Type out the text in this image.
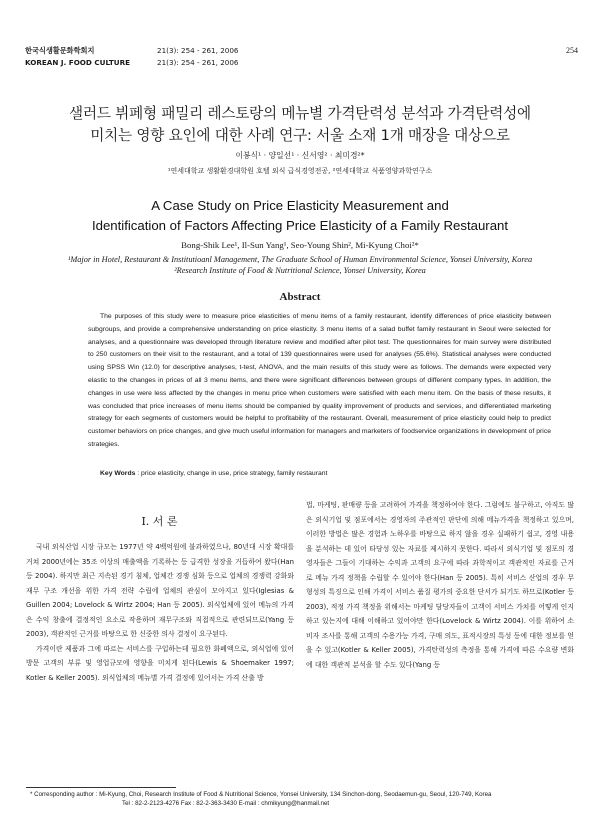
한국식생활문화학회지	21(3): 254 - 261, 2006
KOREAN J. FOOD CULTURE	21(3): 254 - 261, 2006
254
샐러드 뷔페형 패밀리 레스토랑의 메뉴별 가격탄력성 분석과 가격탄력성에
미치는 영향 요인에 대한 사례 연구: 서울 소재 1개 매장을 대상으로
이봉식¹ · 양일선¹ · 신서영² · 최미경²*
¹연세대학교 생활환경대학원 호텔 외식 급식경영전공, ²연세대학교 식품영양과학연구소
A Case Study on Price Elasticity Measurement and
Identification of Factors Affecting Price Elasticity of a Family Restaurant
Bong-Shik Lee¹, Il-Sun Yang¹, Seo-Young Shin², Mi-Kyung Choi²*
¹Major in Hotel, Restaurant & Institutioanl Management, The Graduate School of Human Environmental Science, Yonsei University, Korea
²Research Institute of Food & Nutritional Science, Yonsei University, Korea
Abstract

The purposes of this study were to measure price elasticities of menu items of a family restaurant, identify differences of price elasticity between subgroups, and provide a comprehensive understanding on price elasticity. 3 menu items of a salad buffet family restaurant in Seoul were selected for analyses, and a questionnaire was developed through literature review and modified after pilot test. The questionnaires for main survey were distributed to 250 customers on their visit to the restaurant, and a total of 139 questionnaires were used for analyses (55.6%). Statistical analyses were conducted using SPSS Win (12.0) for descriptive analyses, t-test, ANOVA, and the main results of this study were as follows. The demands were expected very elastic to the changes in prices of all 3 menu items, and there were significant differences between groups of different company types. In addition, the changes in use were less affected by the changes in menu price when customers were satisfied with each menu item. On the basis of these results, it was concluded that price increases of menu items should be companied by quality improvement of products and services, and differentiated marketing strategy for each segments of customers would be helpful to profitability of the restaurant. Overall, measurement of price elasticity could help to predict customer behaviors on price changes, and give much useful information for managers and marketers of foodservice organizations in development of price strategies.

Key Words : price elasticity, change in use, price strategy, family restaurant
I. 서 론

국내 외식산업 시장 규모는 1977년 약 4백억원에 불과하였으나, 80년대 시장 확대를 거쳐 2000년에는 35조 이상의 매출액을 기록하는 등 급격한 성장을 거듭하여 왔다(Han 등 2004). 하지만 최근 지속된 경기 침체, 업체간 경쟁 심화 등으로 업체의 경쟁력 강화와 재무 구조 개선을 위한 가격 전략 수립에 업체의 관심이 모아지고 있다(Iglesias & Guillen 2004; Lovelock & Wirtz 2004; Han 등 2005). 외식업체에 있어 메뉴의 가격은 수익 창출에 결정적인 요소로 작용하며 재무구조와 직접적으로 관련되므로(Yang 등 2003), 객관적인 근거를 바탕으로 한 신중한 의사 결정이 요구된다.

가격이란 제품과 그에 따르는 서비스를 구입하는데 필요한 화폐액으로, 외식업에 있어 방문 고객의 부류 및 영업규모에 영향을 미치게 된다(Lewis & Shoemaker 1997; Kotler & Keller 2005). 외식업체의 메뉴별 가격 결정에 있어서는 가격 산출 방

법, 마케팅, 판매량 등을 고려하여 가격을 책정하여야 한다. 그럼에도 불구하고, 아직도 많은 외식기업 및 점포에서는 경영자의 주관적인 판단에 의해 메뉴가격을 책정하고 있으며, 이러한 방법은 많은 경험과 노하우를 바탕으로 하지 않을 경우 실패하기 쉽고, 경영 내용을 분석하는 데 있어 타당성 있는 자료를 제시하지 못한다. 따라서 외식기업 및 점포의 경영자들은 그들이 기대하는 수익과 고객의 요구에 따라 과학적이고 객관적인 자료를 근거로 메뉴 가격 정책을 수립할 수 있어야 한다(Han 등 2005). 특히 서비스 산업의 경우 무형성의 특징으로 인해 가격이 서비스 품질 평가의 중요한 단서가 되기도 하므로(Kotler 등 2003), 적정 가격 책정을 위해서는 마케팅 담당자들이 고객이 서비스 가치를 어떻게 인지하고 있는지에 대해 이해하고 있어야만 한다(Lovelock & Wirtz 2004). 이를 위하여 소비자 조사를 통해 고객의 수용가능 가격, 구매 의도, 표적시장의 특성 등에 대한 정보를 얻을 수 있고(Kotler & Keller 2005), 가격탄력성의 측정을 통해 가격에 따른 수요량 변화에 대한 객관적 분석을 할 수도 있다(Yang 등

* Corresponding author : Mi-Kyung, Choi, Research Institute of Food & Nutritional Science, Yonsei University, 134 Sinchon-dong, Seodaemun-gu, Seoul, 120-749, Korea
Tel : 82-2-2123-4276 Fax : 82-2-363-3430 E-mail : chmikyung@hanmail.net
